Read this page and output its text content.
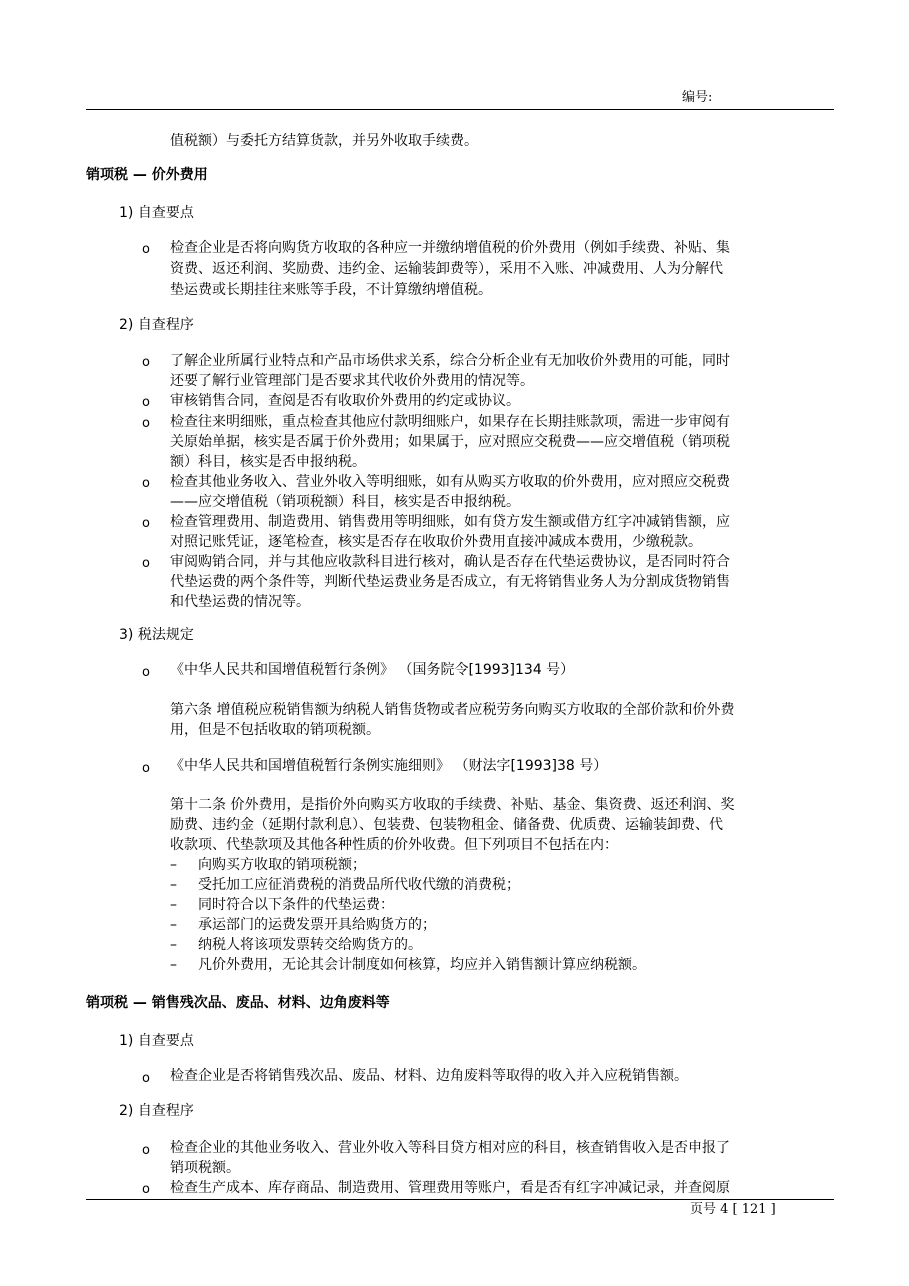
编号:
值税额）与委托方结算货款，并另外收取手续费。
销项税 — 价外费用
1) 自查要点
o 检查企业是否将向购货方收取的各种应一并缴纳增值税的价外费用（例如手续费、补贴、集
资费、返还利润、奖励费、违约金、运输装卸费等），采用不入账、冲减费用、人为分解代
垫运费或长期挂往来账等手段，不计算缴纳增值税。
2) 自查程序
o 了解企业所属行业特点和产品市场供求关系，综合分析企业有无加收价外费用的可能，同时
还要了解行业管理部门是否要求其代收价外费用的情况等。
o 审核销售合同，查阅是否有收取价外费用的约定或协议。
o 检查往来明细账，重点检查其他应付款明细账户，如果存在长期挂账款项，需进一步审阅有
关原始单据，核实是否属于价外费用；如果属于，应对照应交税费——应交增值税（销项税
额）科目，核实是否申报纳税。
o 检查其他业务收入、营业外收入等明细账，如有从购买方收取的价外费用，应对照应交税费
——应交增值税（销项税额）科目，核实是否申报纳税。
o 检查管理费用、制造费用、销售费用等明细账，如有贷方发生额或借方红字冲减销售额，应
对照记账凭证，逐笔检查，核实是否存在收取价外费用直接冲减成本费用，少缴税款。
o 审阅购销合同，并与其他应收款科目进行核对，确认是否存在代垫运费协议，是否同时符合
代垫运费的两个条件等，判断代垫运费业务是否成立，有无将销售业务人为分割成货物销售
和代垫运费的情况等。
3) 税法规定
o 《中华人民共和国增值税暂行条例》 （国务院令[1993]134 号）
第六条 增值税应税销售额为纳税人销售货物或者应税劳务向购买方收取的全部价款和价外费
用，但是不包括收取的销项税额。
o 《中华人民共和国增值税暂行条例实施细则》 （财法字[1993]38 号）
第十二条 价外费用，是指价外向购买方收取的手续费、补贴、基金、集资费、返还利润、奖
励费、违约金（延期付款利息）、包装费、包装物租金、储备费、优质费、运输装卸费、代
收款项、代垫款项及其他各种性质的价外收费。但下列项目不包括在内：
– 向购买方收取的销项税额；
– 受托加工应征消费税的消费品所代收代缴的消费税；
– 同时符合以下条件的代垫运费：
– 承运部门的运费发票开具给购货方的；
– 纳税人将该项发票转交给购货方的。
– 凡价外费用，无论其会计制度如何核算，均应并入销售额计算应纳税额。
销项税 — 销售残次品、废品、材料、边角废料等
1) 自查要点
o 检查企业是否将销售残次品、废品、材料、边角废料等取得的收入并入应税销售额。
2) 自查程序
o 检查企业的其他业务收入、营业外收入等科目贷方相对应的科目，核查销售收入是否申报了
销项税额。
o 检查生产成本、库存商品、制造费用、管理费用等账户，看是否有红字冲减记录，并查阅原
页号 4 [ 121 ]
